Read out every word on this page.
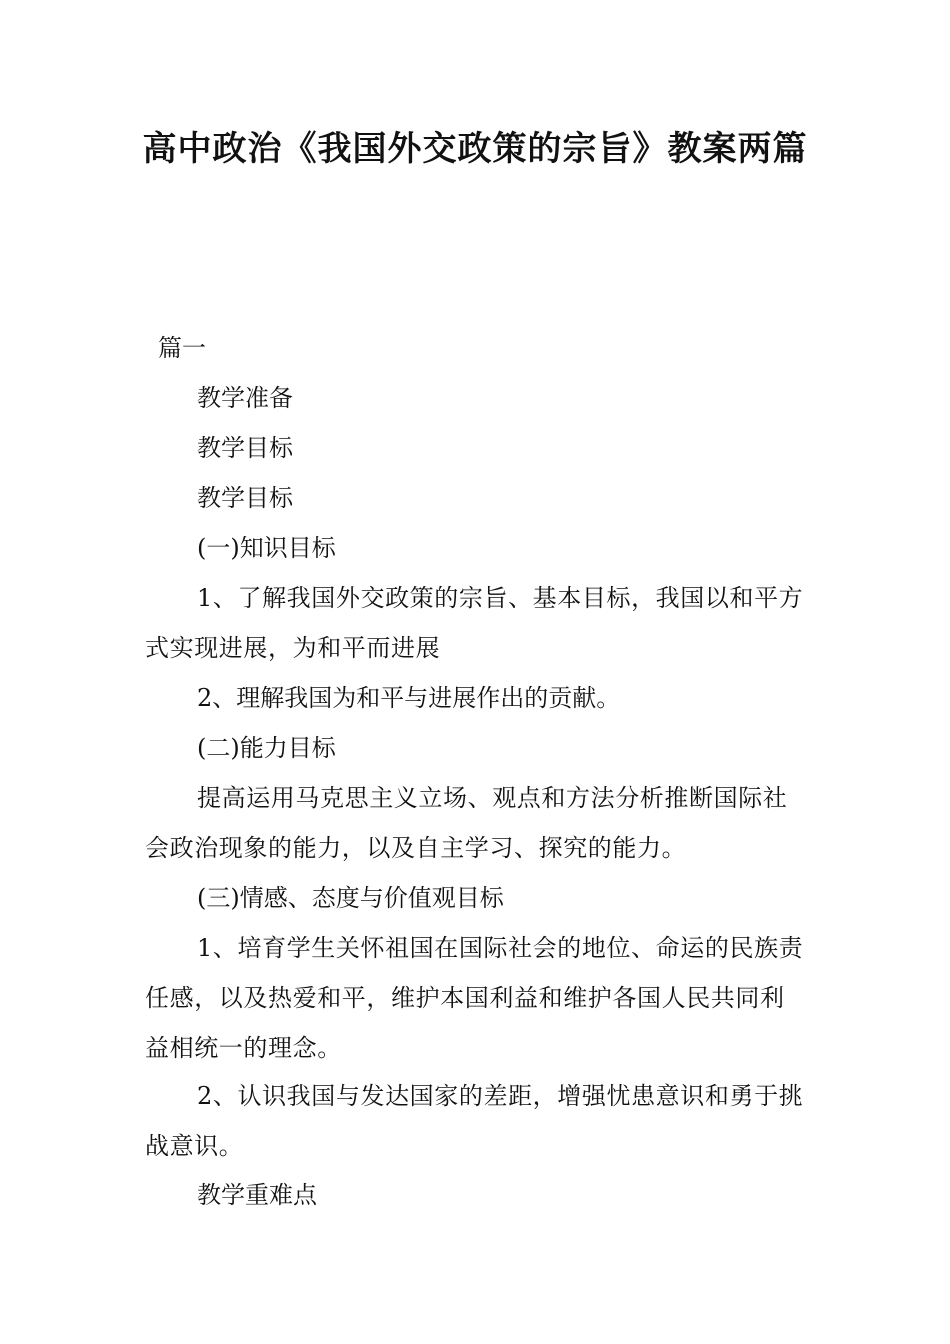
高中政治《我国外交政策的宗旨》教案两篇
篇一
教学准备
教学目标
教学目标
(一)知识目标
1、了解我国外交政策的宗旨、基本目标，我国以和平方式实现进展，为和平而进展
2、理解我国为和平与进展作出的贡献。
(二)能力目标
提高运用马克思主义立场、观点和方法分析推断国际社会政治现象的能力，以及自主学习、探究的能力。
(三)情感、态度与价值观目标
1、培育学生关怀祖国在国际社会的地位、命运的民族责任感，以及热爱和平，维护本国利益和维护各国人民共同利益相统一的理念。
2、认识我国与发达国家的差距，增强忧患意识和勇于挑战意识。
教学重难点
